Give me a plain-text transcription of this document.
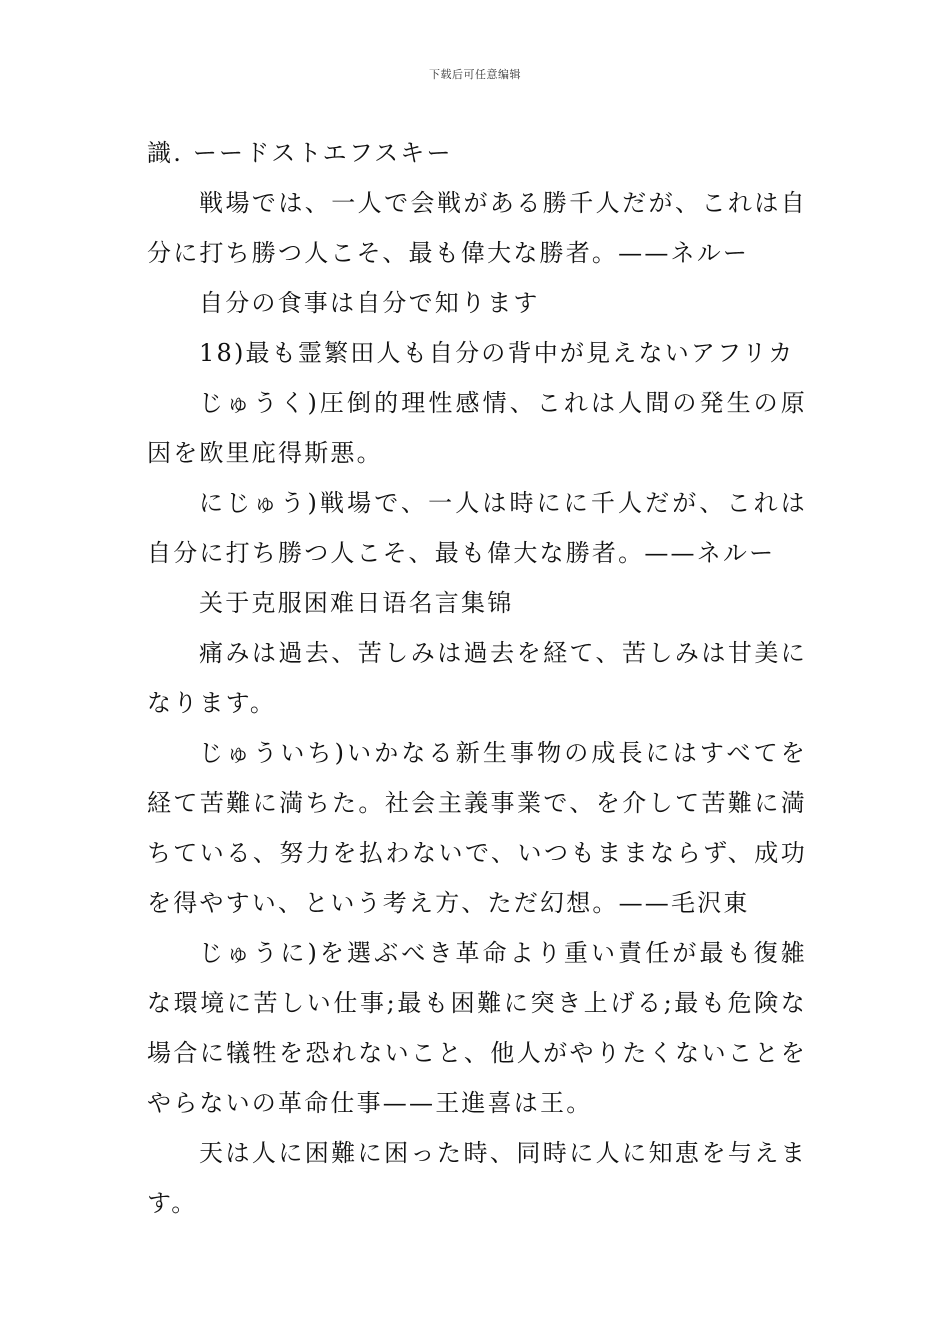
下载后可任意编辑

識. ーードストエフスキー

戦場では、一人で会戦がある勝千人だが、これは自分に打ち勝つ人こそ、最も偉大な勝者。——ネルー

自分の食事は自分で知ります

18)最も霊繁田人も自分の背中が見えないアフリカ

じゅうく)圧倒的理性感情、これは人間の発生の原因を欧里庇得斯悪。

にじゅう)戦場で、一人は時にに千人だが、これは自分に打ち勝つ人こそ、最も偉大な勝者。——ネルー

关于克服困难日语名言集锦

痛みは過去、苦しみは過去を経て、苦しみは甘美になります。

じゅういち)いかなる新生事物の成長にはすべてを経て苦難に満ちた。社会主義事業で、を介して苦難に満ちている、努力を払わないで、いつもままならず、成功を得やすい、という考え方、ただ幻想。——毛沢東

じゅうに)を選ぶべき革命より重い責任が最も復雑な環境に苦しい仕事;最も困難に突き上げる;最も危険な場合に犠牲を恐れないこと、他人がやりたくないことをやらないの革命仕事——王進喜は王。

天は人に困難に困った時、同時に人に知恵を与えます。
